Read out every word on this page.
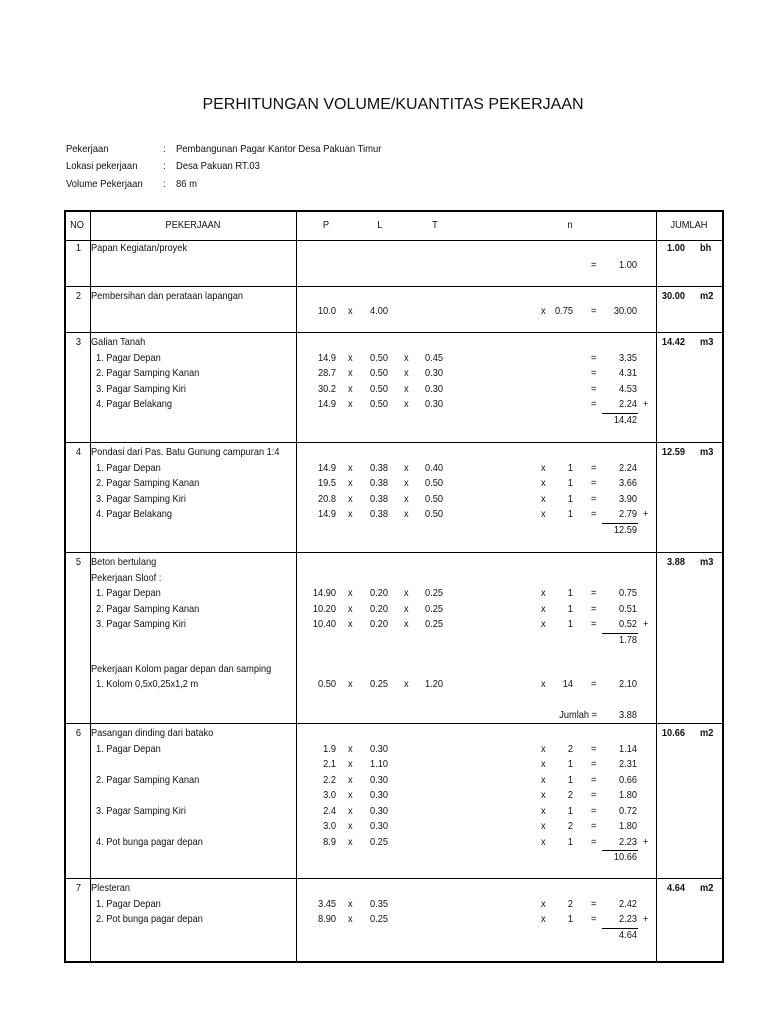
PERHITUNGAN VOLUME/KUANTITAS PEKERJAAN
Pekerjaan	: Pembangunan Pagar Kantor Desa Pakuan Timur
Lokasi pekerjaan : Desa Pakuan RT.03
Volume Pekerjaan : 86 m
NO	PEKERJAAN	P	L	T	n	JUMLAH
1 Papan Kegiatan/proyek	1.00 bh
=	1.00
2 Pembersihan dan perataan lapangan	30.00 m2
10.0 x 4.00	x 0.75 =	30.00
3 Galian Tanah	14.42 m3
1. Pagar Depan	14.9 x 0.50 x 0.45	=	3.35
2. Pagar Samping Kanan	28.7 x 0.50 x 0.30	=	4.31
3. Pagar Samping Kiri	30.2 x 0.50 x 0.30	=	4.53
4. Pagar Belakang	14.9 x 0.50 x 0.30	=	2.24 +
14.42
4 Pondasi dari Pas. Batu Gunung campuran 1:4	12.59 m3
1. Pagar Depan	14.9 x 0.38 x 0.40	x	1 =	2.24
2. Pagar Samping Kanan	19.5 x 0.38 x 0.50	x	1 =	3.66
3. Pagar Samping Kiri	20.8 x 0.38 x 0.50	x	1 =	3.90
4. Pagar Belakang	14.9 x 0.38 x 0.50	x	1 =	2.79 +
12.59
5 Beton bertulang	3.88 m3
Pekerjaan Sloof :
1. Pagar Depan	14.90 x 0.20 x 0.25	x	1 =	0.75
2. Pagar Samping Kanan	10.20 x 0.20 x 0.25	x	1 =	0.51
3. Pagar Samping Kiri	10.40 x 0.20 x 0.25	x	1 =	0.52 +
1.78
Pekerjaan Kolom pagar depan dan samping
1. Kolom 0,5x0,25x1,2 m	0.50 x 0.25 x 1.20	x	14 =	2.10
Jumlah =	3.88
6 Pasangan dinding dari batako	10.66 m2
1. Pagar Depan	1.9 x 0.30	x	2 =	1.14
2.1 x 1.10	x	1 =	2.31
2. Pagar Samping Kanan	2.2 x 0.30	x	1 =	0.66
3.0 x 0.30	x	2 =	1.80
3. Pagar Samping Kiri	2.4 x 0.30	x	1 =	0.72
3.0 x 0.30	x	2 =	1.80
4. Pot bunga pagar depan	8.9 x 0.25	x	1 =	2.23 +
10.66
7 Plesteran	4.64 m2
1. Pagar Depan	3.45 x 0.35	x	2 =	2.42
2. Pot bunga pagar depan	8.90 x 0.25	x	1 =	2.23 +
4.64
